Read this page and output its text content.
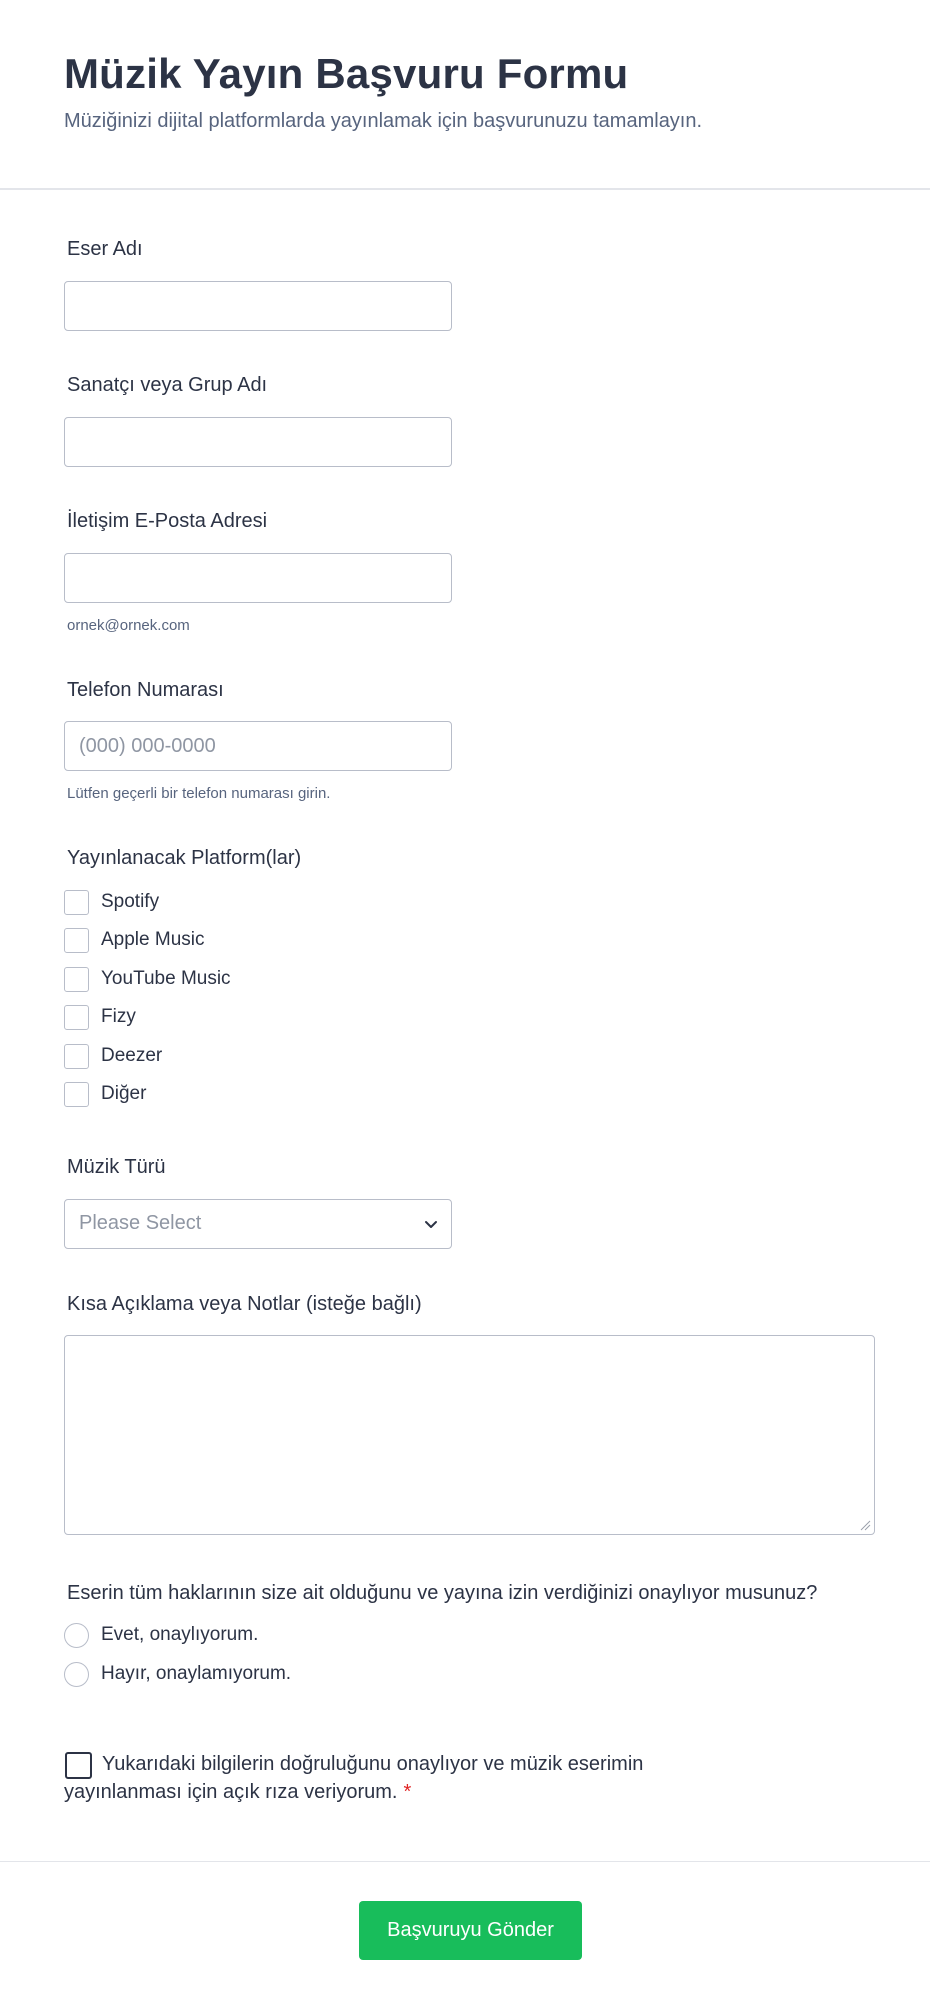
Müzik Yayın Başvuru Formu
Müziğinizi dijital platformlarda yayınlamak için başvurunuzu tamamlayın.
Eser Adı
Sanatçı veya Grup Adı
İletişim E-Posta Adresi
ornek@ornek.com
Telefon Numarası
(000) 000-0000
Lütfen geçerli bir telefon numarası girin.
Yayınlanacak Platform(lar)
Spotify
Apple Music
YouTube Music
Fizy
Deezer
Diğer
Müzik Türü
Please Select
Kısa Açıklama veya Notlar (isteğe bağlı)
Eserin tüm haklarının size ait olduğunu ve yayına izin verdiğinizi onaylıyor musunuz?
Evet, onaylıyorum.
Hayır, onaylamıyorum.
Yukarıdaki bilgilerin doğruluğunu onaylıyor ve müzik eserimin yayınlanması için açık rıza veriyorum. *
Başvuruyu Gönder
